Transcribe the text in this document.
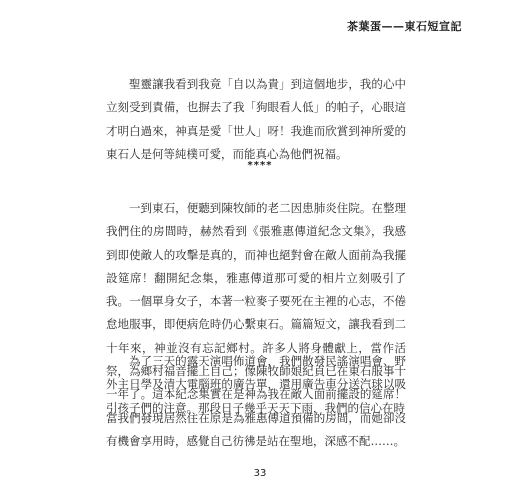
茶葉蛋——東石短宣記

聖靈讓我看到我竟「自以為貴」到這個地步，我的心中立刻受到責備，也摒去了我「狗眼看人低」的帕子，心眼這才明白過來，神真是愛「世人」呀！我進而欣賞到神所愛的東石人是何等純樸可愛，而能真心為他們祝福。

****

一到東石，便聽到陳牧師的老二因患肺炎住院。在整理我們住的房間時，赫然看到《張雅惠傳道紀念文集》，我感到即使敵人的攻擊是真的，而神也絕對會在敵人面前為我擺設筵席！翻開紀念集，雅惠傳道那可愛的相片立刻吸引了我。一個單身女子，本著一粒麥子要死在主裡的心志，不倦怠地服事，即便病危時仍心繫東石。篇篇短文，讓我看到二十年來，神並沒有忘記鄉村。許多人將身體獻上，當作活祭，為鄉村福音擺上自己；像陳牧師娘紀貞已在東石服事十一年了。這本紀念集實在是神為我在敵人面前擺設的筵席！當我們發現居然住在原是為雅惠傳道預備的房間，而她卻沒有機會享用時，感覺自己彷彿是站在聖地，深感不配……。

為了三天的露天演唱佈道會，我們散發民謠演唱會、野外主日學及清大電腦班的廣告單，還用廣告車分送汽球以吸引孩子們的注意。那段日子幾乎天天下雨，我們的信心在時

33
